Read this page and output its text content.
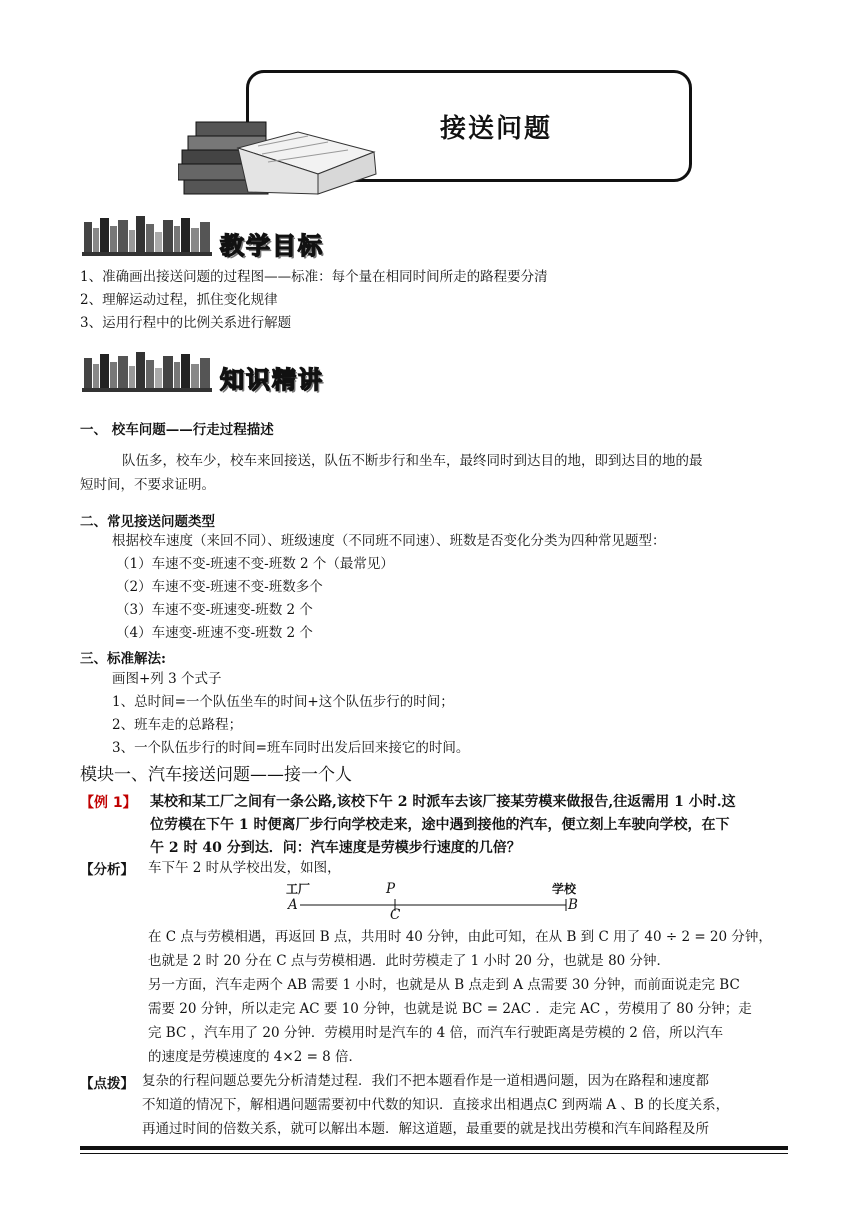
接送问题
教学目标
1、准确画出接送问题的过程图——标准：每个量在相同时间所走的路程要分清
2、理解运动过程，抓住变化规律
3、运用行程中的比例关系进行解题
知识精讲
一、 校车问题——行走过程描述
队伍多，校车少，校车来回接送，队伍不断步行和坐车，最终同时到达目的地，即到达目的地的最
短时间，不要求证明。
二、常见接送问题类型
根据校车速度（来回不同）、班级速度（不同班不同速）、班数是否变化分类为四种常见题型：
（1）车速不变-班速不变-班数 2 个（最常见）
（2）车速不变-班速不变-班数多个
（3）车速不变-班速变-班数 2 个
（4）车速变-班速不变-班数 2 个
三、标准解法:
画图+列 3 个式子
1、总时间=一个队伍坐车的时间+这个队伍步行的时间；
2、班车走的总路程；
3、一个队伍步行的时间=班车同时出发后回来接它的时间。
模块一、汽车接送问题——接一个人
【例 1】 某校和某工厂之间有一条公路,该校下午 2 时派车去该厂接某劳模来做报告,往返需用 1 小时.这
位劳模在下午 1 时便离厂步行向学校走来，途中遇到接他的汽车，便立刻上车驶向学校，在下
午 2 时 40 分到达．问：汽车速度是劳模步行速度的几倍？
【分析】 车下午 2 时从学校出发，如图，
工厂	P	学校
A	B
C
在 C 点与劳模相遇，再返回 B 点，共用时 40 分钟，由此可知，在从 B 到 C 用了 40 ÷ 2 = 20 分钟，
也就是 2 时 20 分在 C 点与劳模相遇．此时劳模走了 1 小时 20 分，也就是 80 分钟．
另一方面，汽车走两个 AB 需要 1 小时，也就是从 B 点走到 A 点需要 30 分钟，而前面说走完 BC
需要 20 分钟，所以走完 AC 要 10 分钟，也就是说 BC = 2AC ．走完 AC ，劳模用了 80 分钟；走
完 BC ，汽车用了 20 分钟．劳模用时是汽车的 4 倍，而汽车行驶距离是劳模的 2 倍，所以汽车
的速度是劳模速度的 4×2 = 8 倍．
【点拨】 复杂的行程问题总要先分析清楚过程．我们不把本题看作是一道相遇问题，因为在路程和速度都
不知道的情况下，解相遇问题需要初中代数的知识．直接求出相遇点C 到两端 A 、B 的长度关系，
再通过时间的倍数关系，就可以解出本题．解这道题，最重要的就是找出劳模和汽车间路程及所
